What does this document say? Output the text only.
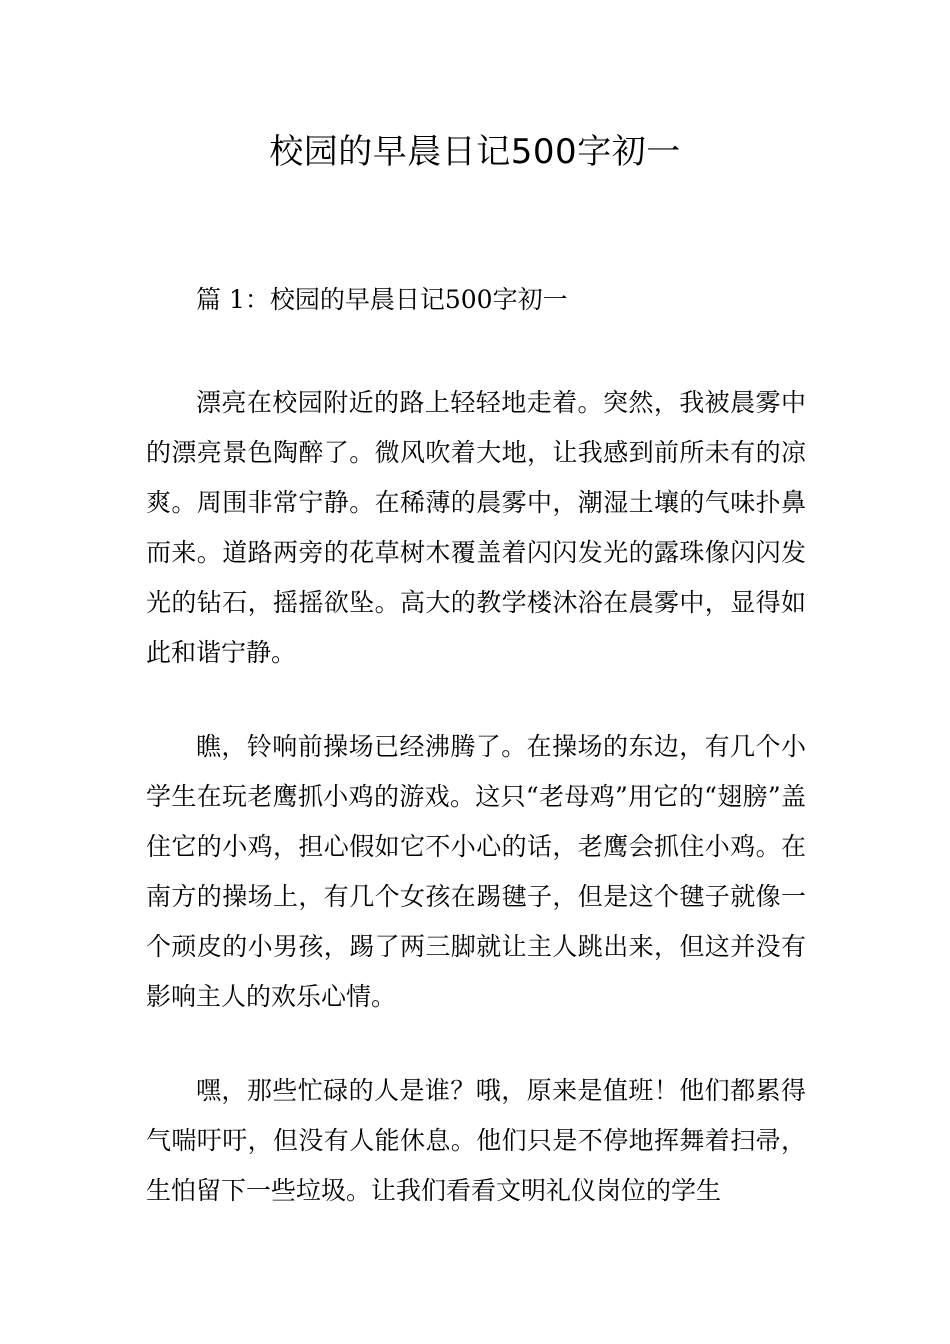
校园的早晨日记500字初一

篇 1：校园的早晨日记500字初一

漂亮在校园附近的路上轻轻地走着。突然，我被晨雾中的漂亮景色陶醉了。微风吹着大地，让我感到前所未有的凉爽。周围非常宁静。在稀薄的晨雾中，潮湿土壤的气味扑鼻而来。道路两旁的花草树木覆盖着闪闪发光的露珠像闪闪发光的钻石，摇摇欲坠。高大的教学楼沐浴在晨雾中，显得如此和谐宁静。

瞧，铃响前操场已经沸腾了。在操场的东边，有几个小学生在玩老鹰抓小鸡的游戏。这只“老母鸡”用它的“翅膀”盖住它的小鸡，担心假如它不小心的话，老鹰会抓住小鸡。在南方的操场上，有几个女孩在踢毽子，但是这个毽子就像一个顽皮的小男孩，踢了两三脚就让主人跳出来，但这并没有影响主人的欢乐心情。

嘿，那些忙碌的人是谁？哦，原来是值班！他们都累得气喘吁吁，但没有人能休息。他们只是不停地挥舞着扫帚，生怕留下一些垃圾。让我们看看文明礼仪岗位的学生
